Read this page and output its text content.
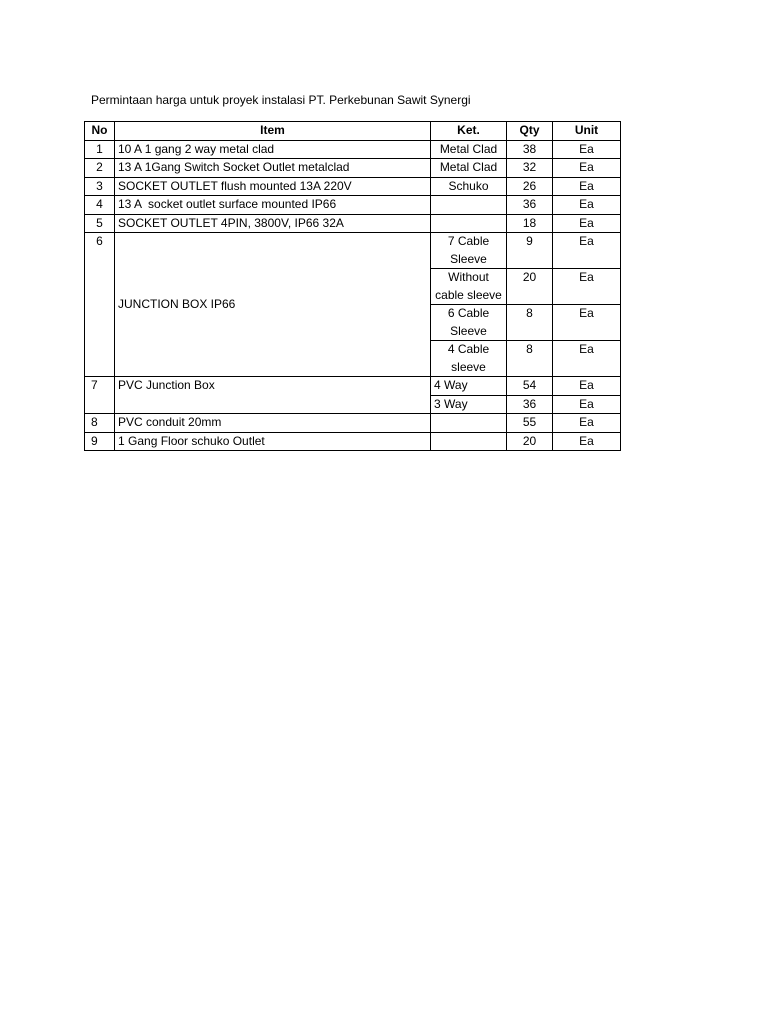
Permintaan harga untuk proyek instalasi PT. Perkebunan Sawit Synergi
No	Item	Ket.	Qty	Unit
1	10 A 1 gang 2 way metal clad	Metal Clad	38	Ea
2	13 A 1Gang Switch Socket Outlet metalclad	Metal Clad	32	Ea
3	SOCKET OUTLET flush mounted 13A 220V	Schuko	26	Ea
4	13 A  socket outlet surface mounted IP66		36	Ea
5	SOCKET OUTLET 4PIN, 3800V, IP66 32A		18	Ea
6	JUNCTION BOX IP66	7 Cable Sleeve	9	Ea
		Without cable sleeve	20	Ea
		6 Cable Sleeve	8	Ea
		4 Cable sleeve	8	Ea
7	PVC Junction Box	4 Way	54	Ea
		3 Way	36	Ea
8	PVC conduit 20mm		55	Ea
9	1 Gang Floor schuko Outlet		20	Ea
